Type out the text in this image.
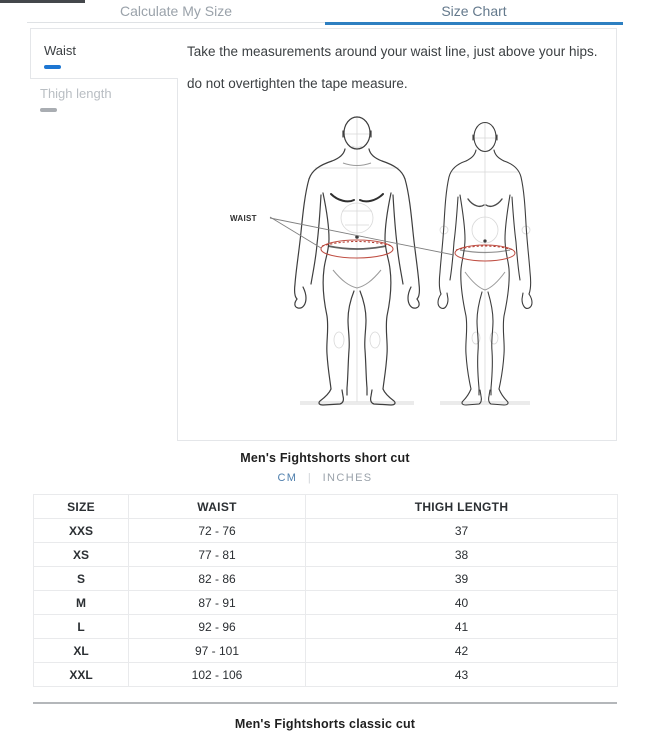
Calculate My Size	Size Chart
Waist
Thigh length
Take the measurements around your waist line, just above your hips. do not overtighten the tape measure.
WAIST
Men's Fightshorts short cut
CM | INCHES
SIZE	WAIST	THIGH LENGTH
XXS	72 - 76	37
XS	77 - 81	38
S	82 - 86	39
M	87 - 91	40
L	92 - 96	41
XL	97 - 101	42
XXL	102 - 106	43
Men's Fightshorts classic cut
